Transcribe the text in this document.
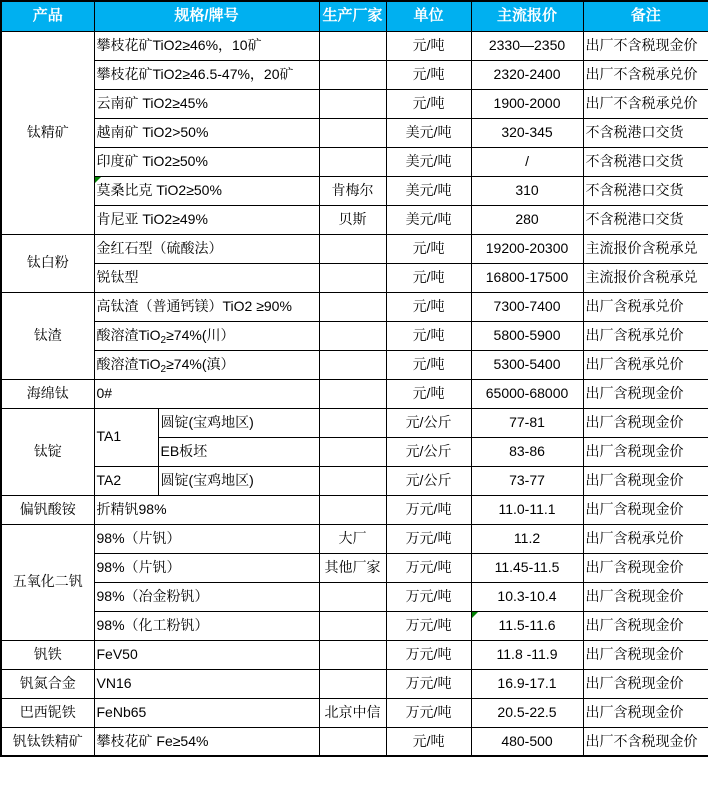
产品	规格/牌号		生产厂家	单位	主流报价	备注
钛精矿	攀枝花矿TiO2≥46%，10矿			元/吨	2330—2350	出厂不含税现金价
	攀枝花矿TiO2≥46.5-47%，20矿			元/吨	2320-2400	出厂不含税承兑价
	云南矿 TiO2≥45%			元/吨	1900-2000	出厂不含税承兑价
	越南矿 TiO2>50%			美元/吨	320-345	不含税港口交货
	印度矿 TiO2≥50%			美元/吨	/	不含税港口交货
	莫桑比克 TiO2≥50%		肯梅尔	美元/吨	310	不含税港口交货
	肯尼亚 TiO2≥49%		贝斯	美元/吨	280	不含税港口交货
钛白粉	金红石型（硫酸法）			元/吨	19200-20300	主流报价含税承兑
	锐钛型			元/吨	16800-17500	主流报价含税承兑
钛渣	高钛渣（普通钙镁）TiO2 ≥90%			元/吨	7300-7400	出厂含税承兑价
	酸溶渣TiO$_2$≥74%(川）			元/吨	5800-5900	出厂含税承兑价
	酸溶渣TiO$_2$≥74%(滇）			元/吨	5300-5400	出厂含税承兑价
海绵钛	0#			元/吨	65000-68000	出厂含税现金价
钛锭	TA1	圆锭(宝鸡地区)		元/公斤	77-81	出厂含税现金价
		EB板坯		元/公斤	83-86	出厂含税现金价
	TA2	圆锭(宝鸡地区)		元/公斤	73-77	出厂含税现金价
偏钒酸铵	折精钒98%			万元/吨	11.0-11.1	出厂含税现金价
五氧化二钒	98%（片钒）		大厂	万元/吨	11.2	出厂含税承兑价
	98%（片钒）		其他厂家	万元/吨	11.45-11.5	出厂含税现金价
	98%（冶金粉钒）			万元/吨	10.3-10.4	出厂含税现金价
	98%（化工粉钒）			万元/吨	11.5-11.6	出厂含税现金价
钒铁	FeV50			万元/吨	11.8 -11.9	出厂含税现金价
钒氮合金	VN16			万元/吨	16.9-17.1	出厂含税现金价
巴西铌铁	FeNb65		北京中信	万元/吨	20.5-22.5	出厂含税现金价
钒钛铁精矿	攀枝花矿 Fe≥54%			元/吨	480-500	出厂不含税现金价
